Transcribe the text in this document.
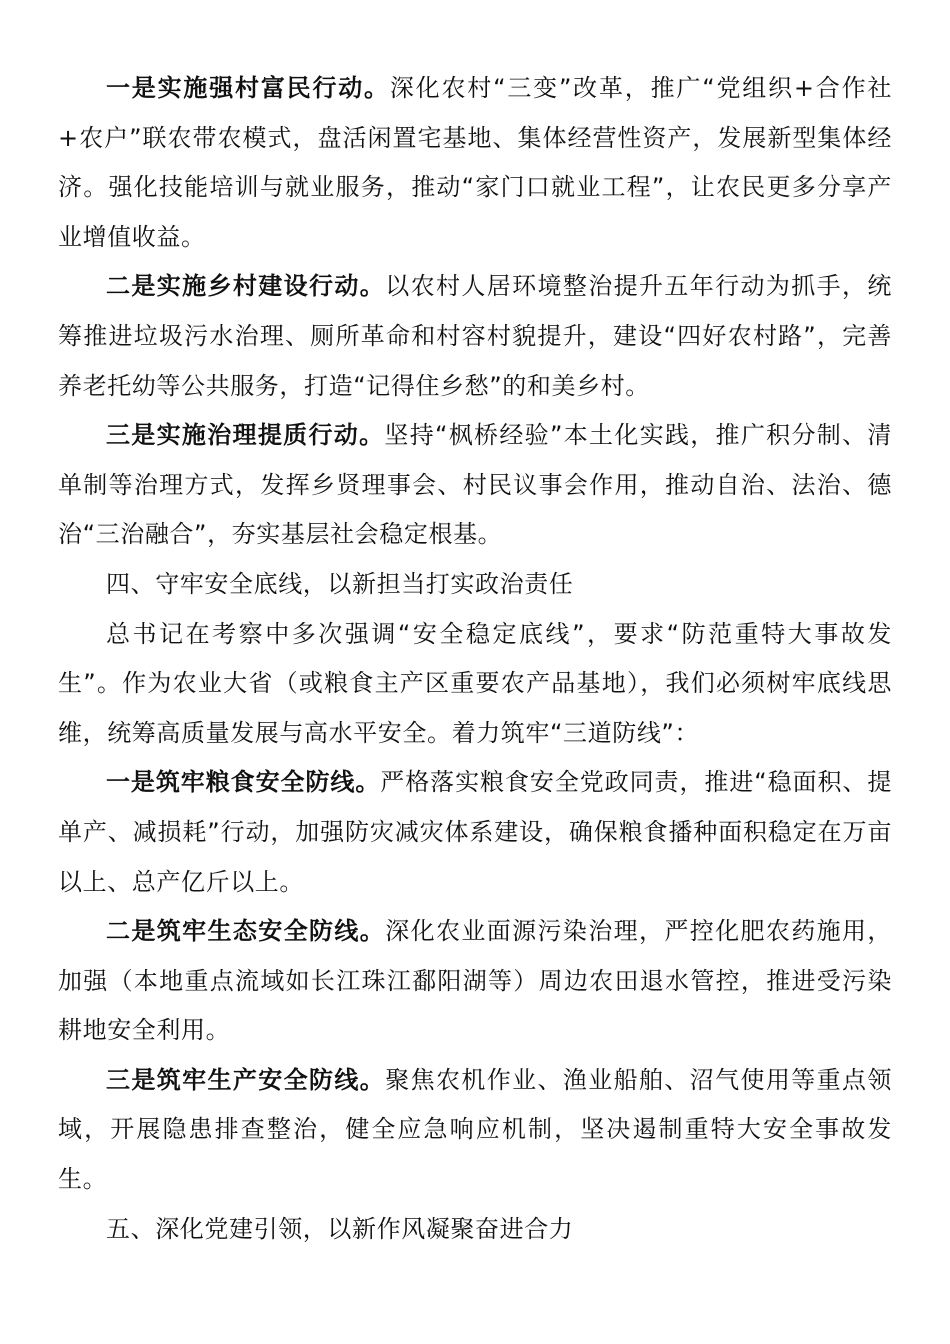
一是实施强村富民行动。深化农村“三变”改革，推广“党组织+合作社+农户”联农带农模式，盘活闲置宅基地、集体经营性资产，发展新型集体经济。强化技能培训与就业服务，推动“家门口就业工程”，让农民更多分享产业增值收益。

二是实施乡村建设行动。以农村人居环境整治提升五年行动为抓手，统筹推进垃圾污水治理、厕所革命和村容村貌提升，建设“四好农村路”，完善养老托幼等公共服务，打造“记得住乡愁”的和美乡村。

三是实施治理提质行动。坚持“枫桥经验”本土化实践，推广积分制、清单制等治理方式，发挥乡贤理事会、村民议事会作用，推动自治、法治、德治“三治融合”，夯实基层社会稳定根基。

四、守牢安全底线，以新担当打实政治责任

总书记在考察中多次强调“安全稳定底线”，要求“防范重特大事故发生”。作为农业大省（或粮食主产区重要农产品基地），我们必须树牢底线思维，统筹高质量发展与高水平安全。着力筑牢“三道防线”：

一是筑牢粮食安全防线。严格落实粮食安全党政同责，推进“稳面积、提单产、减损耗”行动，加强防灾减灾体系建设，确保粮食播种面积稳定在万亩以上、总产亿斤以上。

二是筑牢生态安全防线。深化农业面源污染治理，严控化肥农药施用，加强（本地重点流域如长江珠江鄱阳湖等）周边农田退水管控，推进受污染耕地安全利用。

三是筑牢生产安全防线。聚焦农机作业、渔业船舶、沼气使用等重点领域，开展隐患排查整治，健全应急响应机制，坚决遏制重特大安全事故发生。

五、深化党建引领，以新作风凝聚奋进合力
